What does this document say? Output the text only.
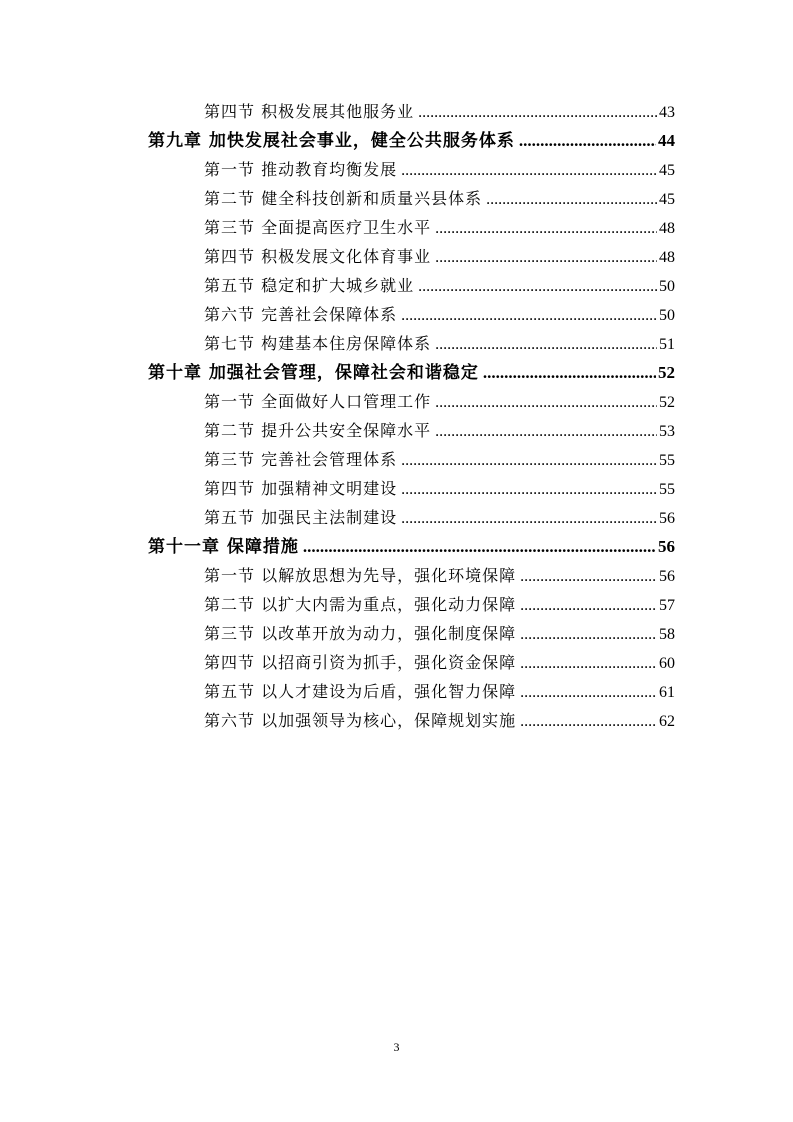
第四节 积极发展其他服务业 .....	43
第九章 加快发展社会事业，健全公共服务体系 .....	44
第一节 推动教育均衡发展 .....	45
第二节 健全科技创新和质量兴县体系 .....	45
第三节 全面提高医疗卫生水平 .....	48
第四节 积极发展文化体育事业 .....	48
第五节 稳定和扩大城乡就业 .....	50
第六节 完善社会保障体系 .....	50
第七节 构建基本住房保障体系 .....	51
第十章 加强社会管理，保障社会和谐稳定 .....	52
第一节 全面做好人口管理工作 .....	52
第二节 提升公共安全保障水平 .....	53
第三节 完善社会管理体系 .....	55
第四节 加强精神文明建设 .....	55
第五节 加强民主法制建设 .....	56
第十一章 保障措施 .....	56
第一节 以解放思想为先导，强化环境保障 .....	56
第二节 以扩大内需为重点，强化动力保障 .....	57
第三节 以改革开放为动力，强化制度保障 .....	58
第四节 以招商引资为抓手，强化资金保障 .....	60
第五节 以人才建设为后盾，强化智力保障 .....	61
第六节 以加强领导为核心，保障规划实施 .....	62
3
